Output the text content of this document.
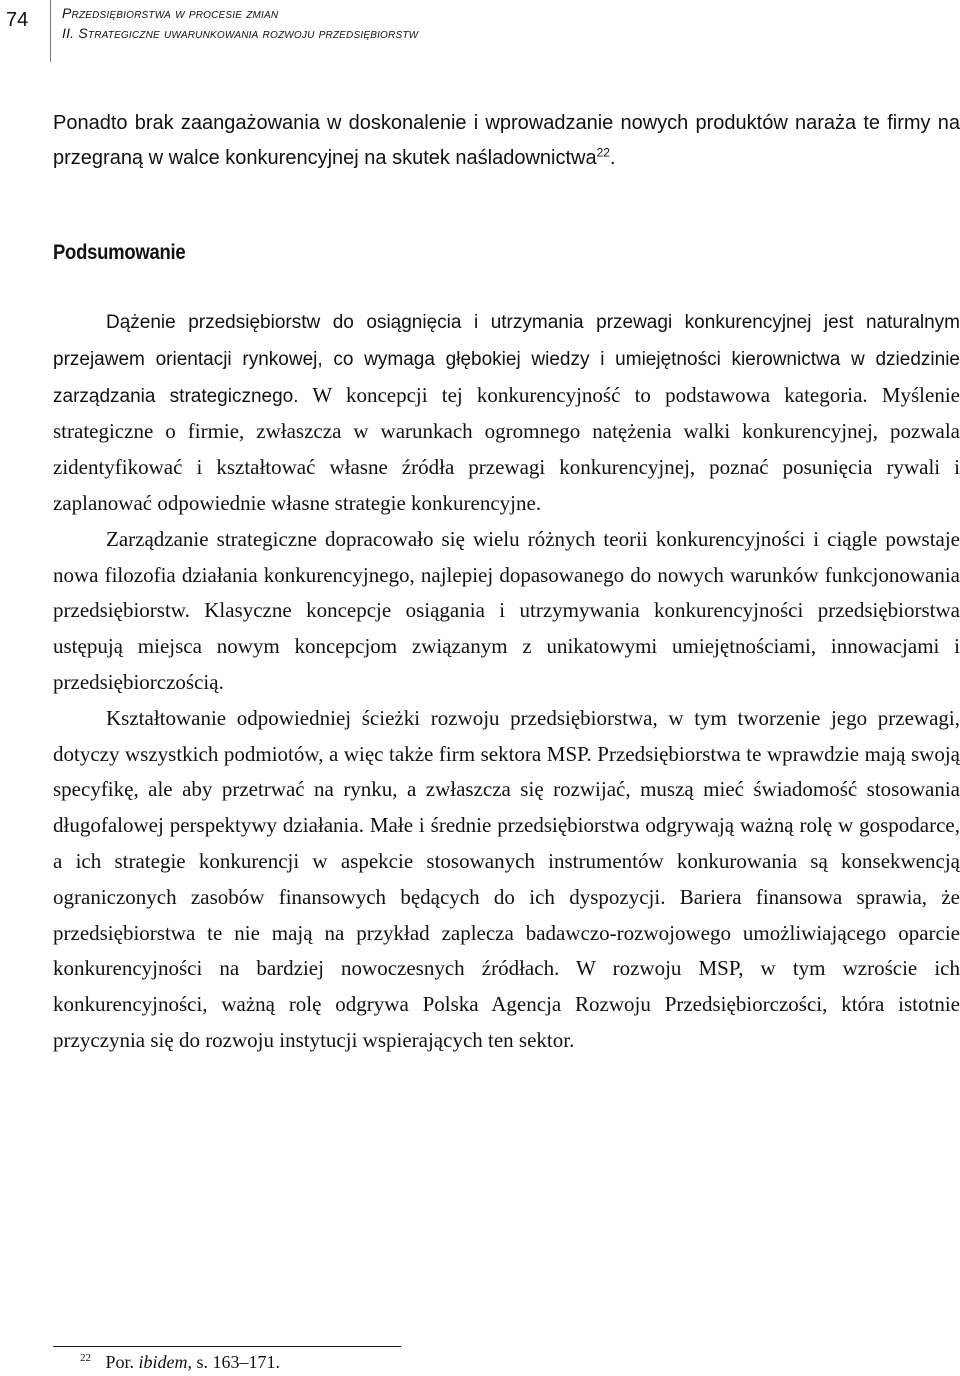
74 Przedsiębiorstwa w procesie zmian
II. Strategiczne uwarunkowania rozwoju przedsiębiorstw

Ponadto brak zaangażowania w doskonalenie i wprowadzanie nowych produktów naraża te firmy na przegraną w walce konkurencyjnej na skutek naśladownictwa$^{22}$.

Podsumowanie

Dążenie przedsiębiorstw do osiągnięcia i utrzymania przewagi konkurencyjnej jest naturalnym przejawem orientacji rynkowej, co wymaga głębokiej wiedzy i umiejętności kierownictwa w dziedzinie zarządzania strategicznego. W koncepcji tej konkurencyjność to podstawowa kategoria. Myślenie strategiczne o firmie, zwłaszcza w warunkach ogromnego natężenia walki konkurencyjnej, pozwala zidentyfikować i kształtować własne źródła przewagi konkurencyjnej, poznać posunięcia rywali i zaplanować odpowiednie własne strategie konkurencyjne.

Zarządzanie strategiczne dopracowało się wielu różnych teorii konkurencyjności i ciągle powstaje nowa filozofia działania konkurencyjnego, najlepiej dopasowanego do nowych warunków funkcjonowania przedsiębiorstw. Klasyczne koncepcje osiągania i utrzymywania konkurencyjności przedsiębiorstwa ustępują miejsca nowym koncepcjom związanym z unikatowymi umiejętnościami, innowacjami i przedsiębiorczością.

Kształtowanie odpowiedniej ścieżki rozwoju przedsiębiorstwa, w tym tworzenie jego przewagi, dotyczy wszystkich podmiotów, a więc także firm sektora MSP. Przedsiębiorstwa te wprawdzie mają swoją specyfikę, ale aby przetrwać na rynku, a zwłaszcza się rozwijać, muszą mieć świadomość stosowania długofalowej perspektywy działania. Małe i średnie przedsiębiorstwa odgrywają ważną rolę w gospodarce, a ich strategie konkurencji w aspekcie stosowanych instrumentów konkurowania są konsekwencją ograniczonych zasobów finansowych będących do ich dyspozycji. Bariera finansowa sprawia, że przedsiębiorstwa te nie mają na przykład zaplecza badawczo-rozwojowego umożliwiającego oparcie konkurencyjności na bardziej nowoczesnych źródłach. W rozwoju MSP, w tym wzroście ich konkurencyjności, ważną rolę odgrywa Polska Agencja Rozwoju Przedsiębiorczości, która istotnie przyczynia się do rozwoju instytucji wspierających ten sektor.

$^{22}$ Por. ibidem, s. 163–171.
